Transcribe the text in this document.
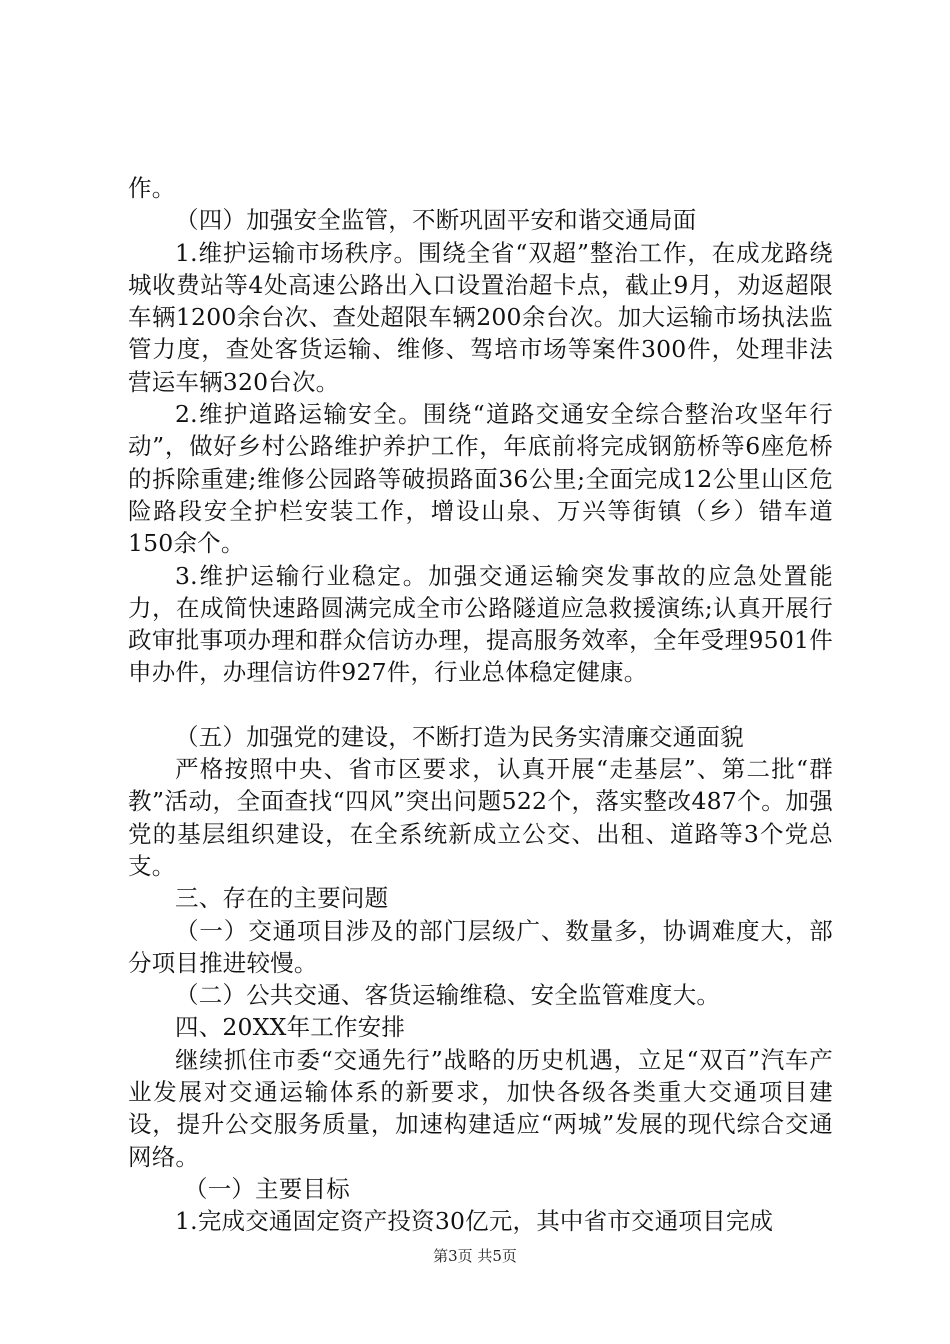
作。

（四）加强安全监管，不断巩固平安和谐交通局面

1.维护运输市场秩序。围绕全省“双超”整治工作，在成龙路绕城收费站等4处高速公路出入口设置治超卡点，截止9月，劝返超限车辆1200余台次、查处超限车辆200余台次。加大运输市场执法监管力度，查处客货运输、维修、驾培市场等案件300件，处理非法营运车辆320台次。

2.维护道路运输安全。围绕“道路交通安全综合整治攻坚年行动”，做好乡村公路维护养护工作，年底前将完成钢筋桥等6座危桥的拆除重建;维修公园路等破损路面36公里;全面完成12公里山区危险路段安全护栏安装工作，增设山泉、万兴等街镇（乡）错车道150余个。

3.维护运输行业稳定。加强交通运输突发事故的应急处置能力，在成简快速路圆满完成全市公路隧道应急救援演练;认真开展行政审批事项办理和群众信访办理，提高服务效率，全年受理9501件申办件，办理信访件927件，行业总体稳定健康。

（五）加强党的建设，不断打造为民务实清廉交通面貌

严格按照中央、省市区要求，认真开展“走基层”、第二批“群教”活动，全面查找“四风”突出问题522个，落实整改487个。加强党的基层组织建设，在全系统新成立公交、出租、道路等3个党总支。

三、存在的主要问题

（一）交通项目涉及的部门层级广、数量多，协调难度大，部分项目推进较慢。

（二）公共交通、客货运输维稳、安全监管难度大。

四、20XX年工作安排

继续抓住市委“交通先行”战略的历史机遇，立足“双百”汽车产业发展对交通运输体系的新要求，加快各级各类重大交通项目建设，提升公交服务质量，加速构建适应“两城”发展的现代综合交通网络。

（一）主要目标

1.完成交通固定资产投资30亿元，其中省市交通项目完成

第3页 共5页
